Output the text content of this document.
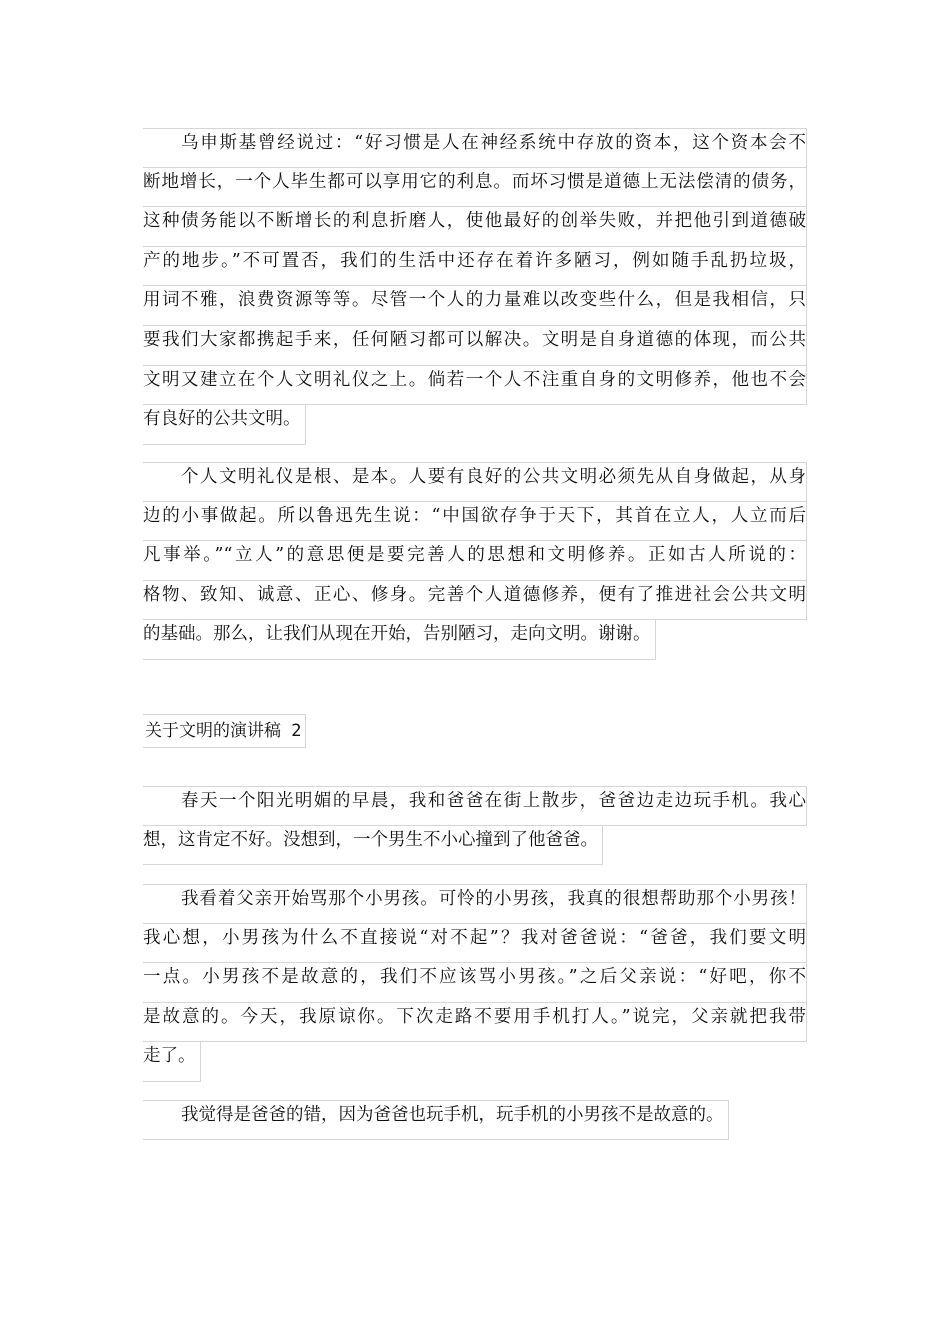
乌申斯基曾经说过：“好习惯是人在神经系统中存放的资本，这个资本会不
断地增长，一个人毕生都可以享用它的利息。而坏习惯是道德上无法偿清的债务，
这种债务能以不断增长的利息折磨人，使他最好的创举失败，并把他引到道德破
产的地步。”不可置否，我们的生活中还存在着许多陋习，例如随手乱扔垃圾，
用词不雅，浪费资源等等。尽管一个人的力量难以改变些什么，但是我相信，只
要我们大家都携起手来，任何陋习都可以解决。文明是自身道德的体现，而公共
文明又建立在个人文明礼仪之上。倘若一个人不注重自身的文明修养，他也不会
有良好的公共文明。
个人文明礼仪是根、是本。人要有良好的公共文明必须先从自身做起，从身
边的小事做起。所以鲁迅先生说：“中国欲存争于天下，其首在立人，人立而后
凡事举。”“立人”的意思便是要完善人的思想和文明修养。正如古人所说的：
格物、致知、诚意、正心、修身。完善个人道德修养，便有了推进社会公共文明
的基础。那么，让我们从现在开始，告别陋习，走向文明。谢谢。
关于文明的演讲稿 2
春天一个阳光明媚的早晨，我和爸爸在街上散步，爸爸边走边玩手机。我心
想，这肯定不好。没想到，一个男生不小心撞到了他爸爸。
我看着父亲开始骂那个小男孩。可怜的小男孩，我真的很想帮助那个小男孩！
我心想，小男孩为什么不直接说“对不起”？我对爸爸说：“爸爸，我们要文明
一点。小男孩不是故意的，我们不应该骂小男孩。”之后父亲说：“好吧，你不
是故意的。今天，我原谅你。下次走路不要用手机打人。”说完，父亲就把我带
走了。
我觉得是爸爸的错，因为爸爸也玩手机，玩手机的小男孩不是故意的。
